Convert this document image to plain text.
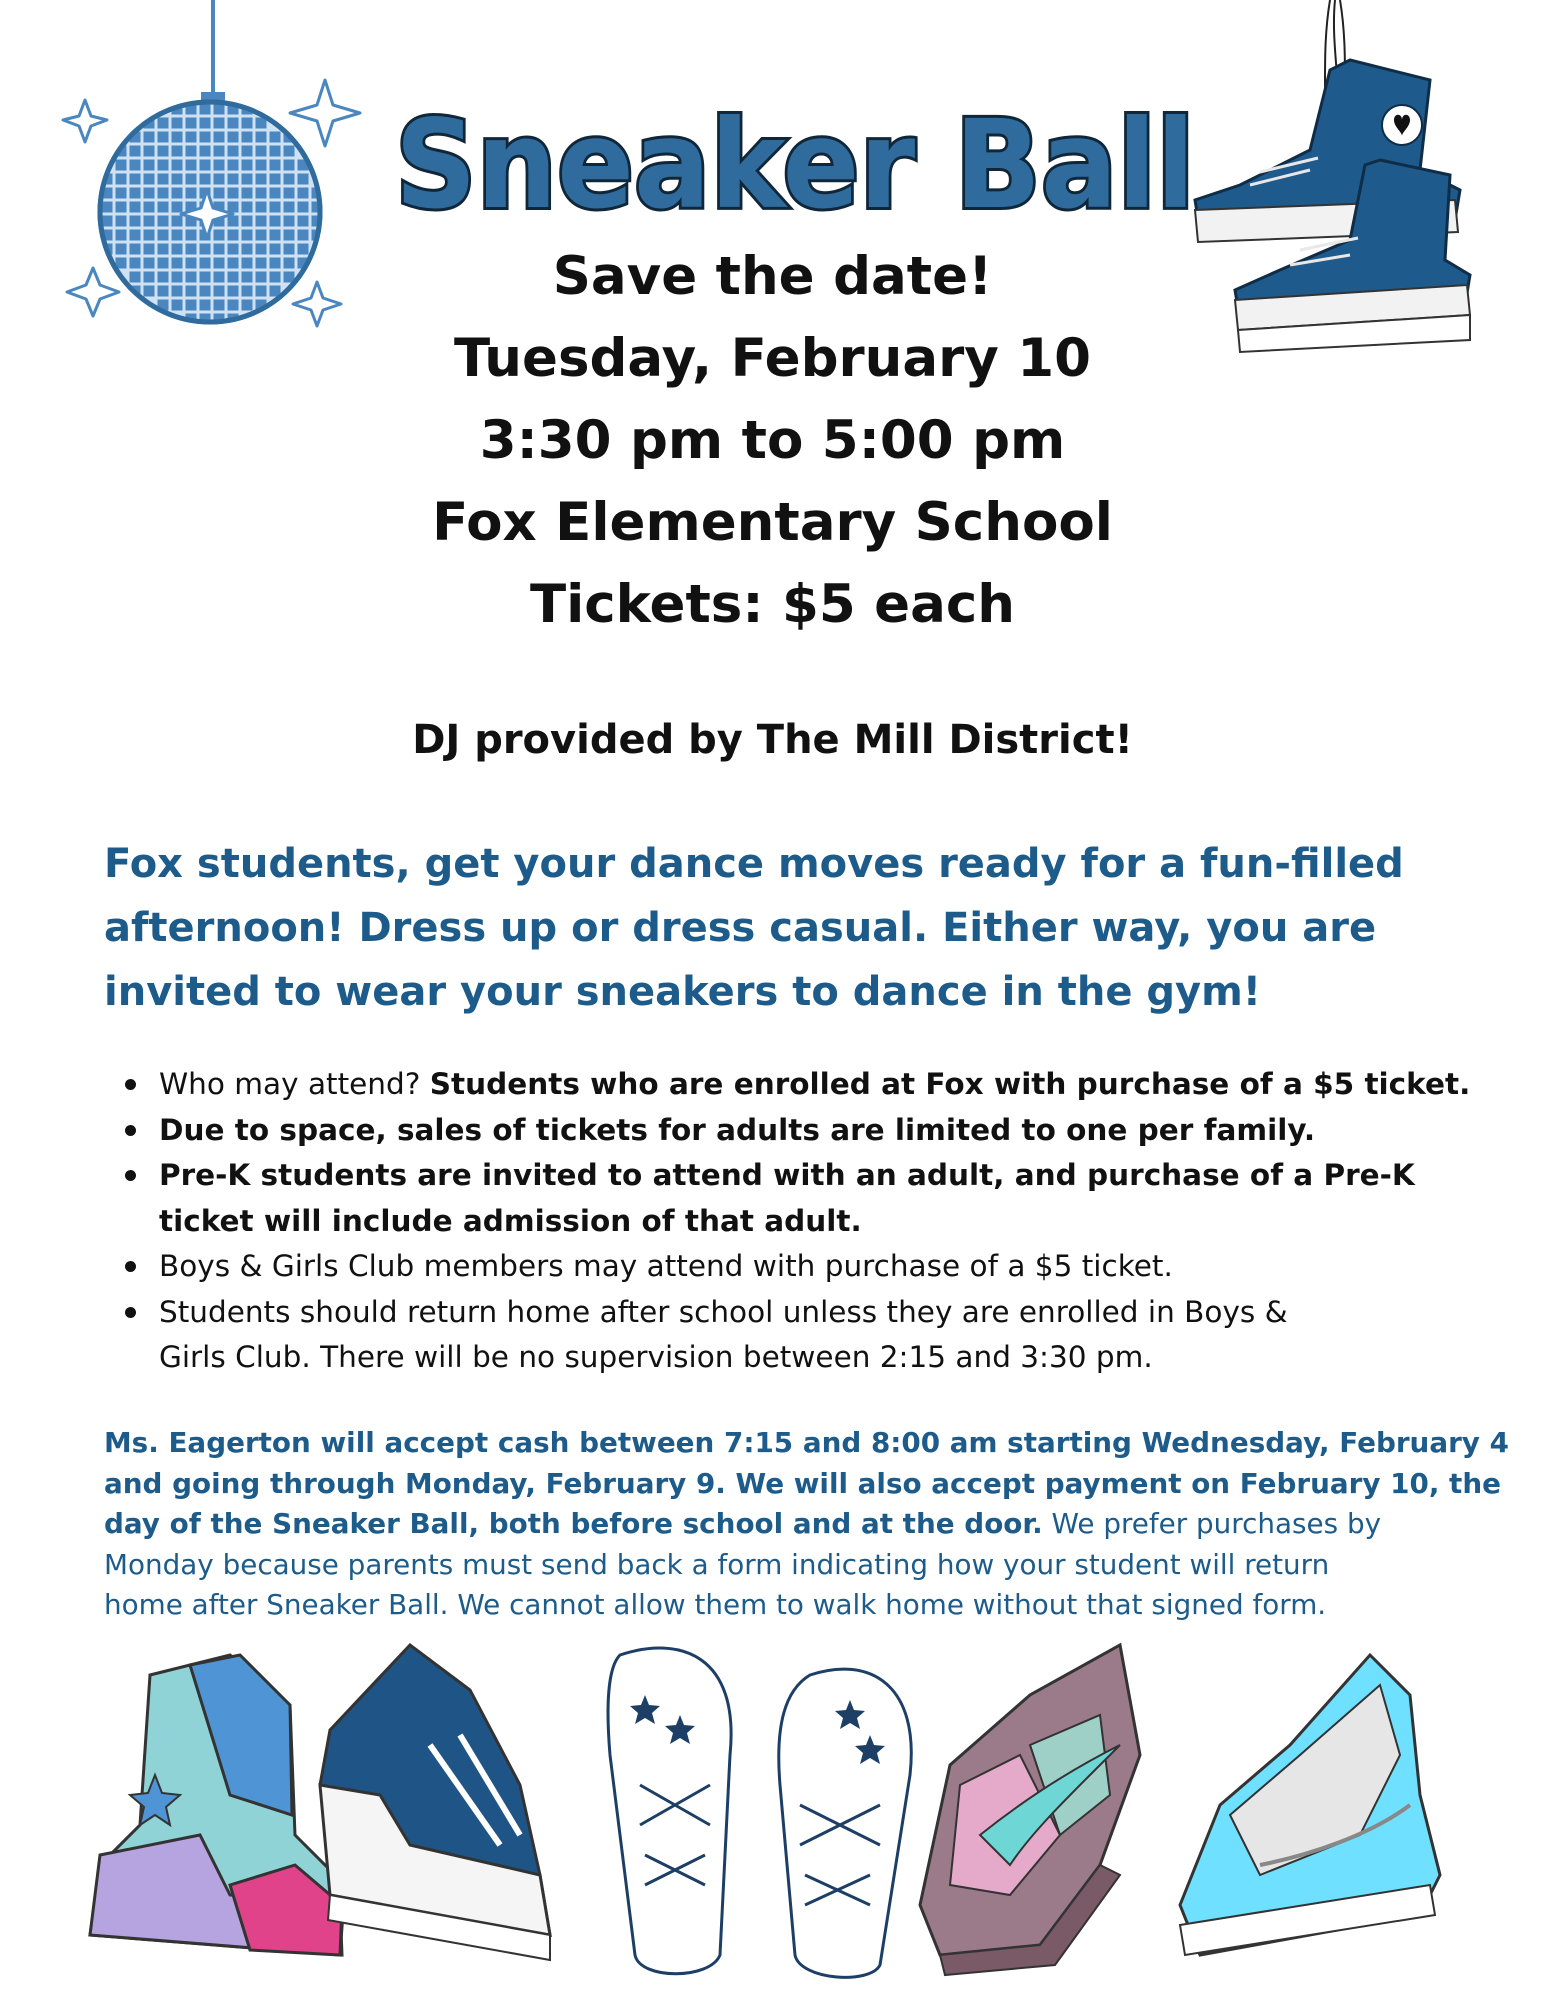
Sneaker Ball
Save the date!
Tuesday, February 10
3:30 pm to 5:00 pm
Fox Elementary School
Tickets: $5 each
DJ provided by The Mill District!
Fox students, get your dance moves ready for a fun-filled
afternoon! Dress up or dress casual. Either way, you are
invited to wear your sneakers to dance in the gym!
Who may attend? Students who are enrolled at Fox with purchase of a $5 ticket.
Due to space, sales of tickets for adults are limited to one per family.
Pre-K students are invited to attend with an adult, and purchase of a Pre-K
ticket will include admission of that adult.
Boys & Girls Club members may attend with purchase of a $5 ticket.
Students should return home after school unless they are enrolled in Boys &
Girls Club. There will be no supervision between 2:15 and 3:30 pm.
Ms. Eagerton will accept cash between 7:15 and 8:00 am starting Wednesday, February 4
and going through Monday, February 9. We will also accept payment on February 10, the
day of the Sneaker Ball, both before school and at the door. We prefer purchases by
Monday because parents must send back a form indicating how your student will return
home after Sneaker Ball. We cannot allow them to walk home without that signed form.
